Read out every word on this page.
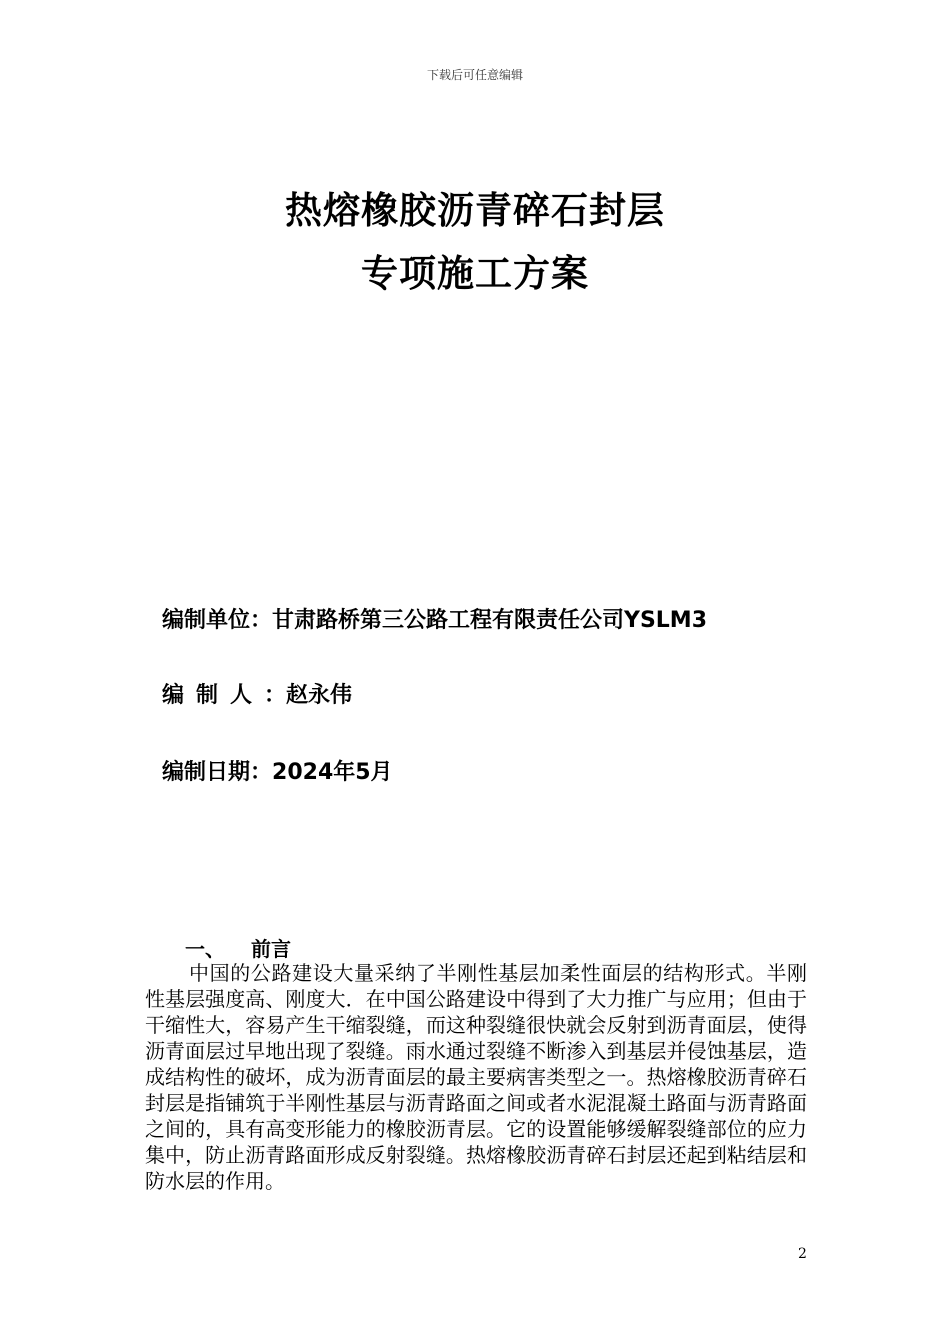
下载后可任意编辑
热熔橡胶沥青碎石封层
专项施工方案
编制单位：甘肃路桥第三公路工程有限责任公司YSLM3
编制人：赵永伟
编制日期：2024年5月
一、 前言
中国的公路建设大量采纳了半刚性基层加柔性面层的结构形式。半刚性基层强度高、刚度大．在中国公路建设中得到了大力推广与应用；但由于干缩性大，容易产生干缩裂缝，而这种裂缝很快就会反射到沥青面层，使得沥青面层过早地出现了裂缝。雨水通过裂缝不断渗入到基层并侵蚀基层，造成结构性的破坏，成为沥青面层的最主要病害类型之一。热熔橡胶沥青碎石封层是指铺筑于半刚性基层与沥青路面之间或者水泥混凝土路面与沥青路面之间的，具有高变形能力的橡胶沥青层。它的设置能够缓解裂缝部位的应力集中，防止沥青路面形成反射裂缝。热熔橡胶沥青碎石封层还起到粘结层和防水层的作用。
2
